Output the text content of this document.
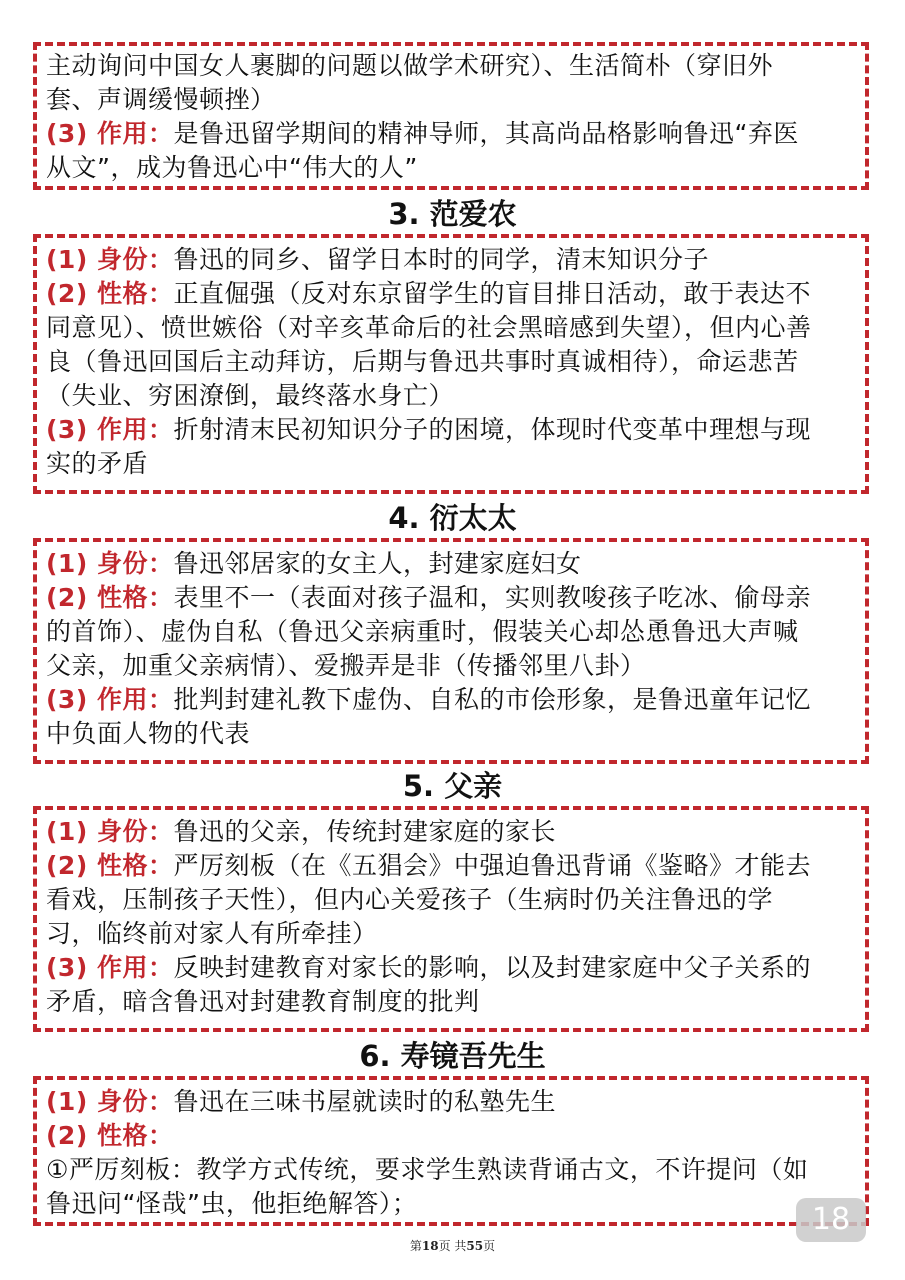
主动询问中国女人裹脚的问题以做学术研究）、生活简朴（穿旧外
套、声调缓慢顿挫）
(3) 作用：是鲁迅留学期间的精神导师，其高尚品格影响鲁迅“弃医
从文”，成为鲁迅心中“伟大的人”
3. 范爱农
(1) 身份：鲁迅的同乡、留学日本时的同学，清末知识分子
(2) 性格：正直倔强（反对东京留学生的盲目排日活动，敢于表达不
同意见）、愤世嫉俗（对辛亥革命后的社会黑暗感到失望），但内心善
良（鲁迅回国后主动拜访，后期与鲁迅共事时真诚相待），命运悲苦
（失业、穷困潦倒，最终落水身亡）
(3) 作用：折射清末民初知识分子的困境，体现时代变革中理想与现
实的矛盾
4. 衍太太
(1) 身份：鲁迅邻居家的女主人，封建家庭妇女
(2) 性格：表里不一（表面对孩子温和，实则教唆孩子吃冰、偷母亲
的首饰）、虚伪自私（鲁迅父亲病重时，假装关心却怂恿鲁迅大声喊
父亲，加重父亲病情）、爱搬弄是非（传播邻里八卦）
(3) 作用：批判封建礼教下虚伪、自私的市侩形象，是鲁迅童年记忆
中负面人物的代表
5. 父亲
(1) 身份：鲁迅的父亲，传统封建家庭的家长
(2) 性格：严厉刻板（在《五猖会》中强迫鲁迅背诵《鉴略》才能去
看戏，压制孩子天性），但内心关爱孩子（生病时仍关注鲁迅的学
习，临终前对家人有所牵挂）
(3) 作用：反映封建教育对家长的影响，以及封建家庭中父子关系的
矛盾，暗含鲁迅对封建教育制度的批判
6. 寿镜吾先生
(1) 身份：鲁迅在三味书屋就读时的私塾先生
(2) 性格：
①严厉刻板：教学方式传统，要求学生熟读背诵古文，不许提问（如
鲁迅问“怪哉”虫，他拒绝解答）；	18
第18页 共55页
